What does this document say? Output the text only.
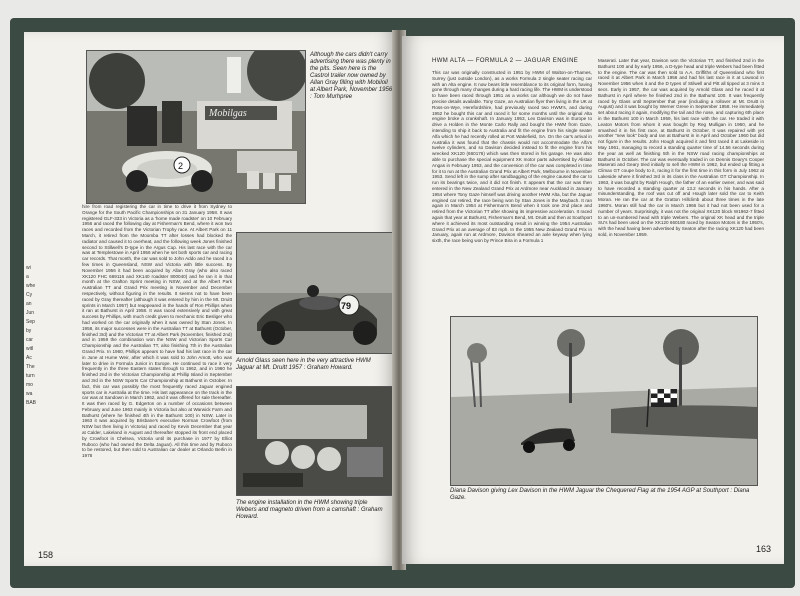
wi
a
whe
Cy
an
Jun
Sep
by
car
witl
Ac
The
turn
mo
wa
BAB
Mobilgas
2
Although the cars didn't carry advertising there was plenty in the pits. Seen here is the Castrol trailer now owned by Allan Gray filling with Mobiloil at Albert Park, November 1956 : Tom Murhpree
hire from road registering the car in time to drive it from Sydney to Orange for the South Pacific Championships on 31 January 1958. It was registered GLF-333 in Victoria as a 'home made roadster' on 10 February 1956 and raced the following day at Fisherman's Bend, where it won two races and recorded from the Victorian Trophy race. At Albert Park on 11 March, it retired from the Moomba TT after losses had blocked the radiator and caused it to overheat, and the following week Jones finished second to Stillwell's D-type in the Argus Cup. His last race with the car was at Templestowe in April 1956 when he set both sports car and racing car records. That month, the car was sold to John Addo and he raced it a few times in Queensland, NSW and Victoria with little success. By November 1956 it had been acquired by Allan Gray (who also raced XK120 FHC 669116 and XK140 roadster 800040) and he ran it in that month at the Grafton Sprint meeting in NSW, and at the Albert Park Australian TT and Grand Prix meeting in November and December respectively, without figuring in the results. It seems not to have been raced by Gray thereafter (although it was entered by him in the Mt. Druitt sprints in March 1957) but reappeared in the hands of Ron Phillips when it ran at Bathurst in April 1958. It was raced extensively and with great success by Phillips, with much credit given to mechanic Eric Besliger who had worked on the car originally when it was owned by Stan Jones. In 1958, its major successes were in the Australian TT at Bathurst (October, finished 3rd) and the Victorian TT at Albert Park (November, finished 2nd) and in 1959 the combination won the NSW and Victorian Sports Car Championship and the Australian TT, also finishing 7th in the Australian Grand Prix. In 1960, Phillips appears to have had his last race in the car in June at Hume Weir, after which it was sold to John Amott, who was later to drive in Formula Junior in Europe. He continued to race it very frequently in the three Eastern states through to 1962, and in 1960 he finished 2nd in the Victorian Championship at Phillip Island in September and 3rd in the NSW Sports Car Championship at Bathurst in October. In fact, this car was possibly the most frequently raced Jaguar engined sports car in Australia at the time. His last appearance on the track in the car was at Sandown in March 1962, and it was offered for sale thereafter. It was then raced by G. Edgerton on a number of occasions between February and June 1963 mainly in Victoria but also at Warwick Farm and Bathurst (where he finished 4th in the Bathurst 100) in NSW. Later in 1963 it was acquired by Brisbane's executive Norman Crowfoot (from NSW but then living in Victoria) and raced by Kevin December that year at Calder, Lakeland in August and thereafter stopped its front end placed by Crowfoot in Chelsea, Victoria until its purchase in 1977 by Elliot Ruboco (who had owned the Delta Jaguar). All this time and by Ruboco to be restored, but then sold to Australian car dealer at Orlando Berlin in 1978
79
Arnold Glass seen here in the very attractive HWM Jaguar at Mt. Druitt 1957 : Graham Howard.
The engine installation in the HWM showing triple Webers and magneto driven from a camshaft : Graham Howard.
158
HWM ALTA — FORMULA 2 — JAGUAR ENGINE
This car was originally constructed in 1951 by HWM of Walton-on-Thames, Surrey (just outside London), as a works Formula 2 single seater racing car with an Alta engine. It now bears little resemblance to its original form, having gone through many changes during a hard racing life. The HWM is understood to have been raced through 1951 as a works car although we do not have precise details available. Tony Gaze, an Australian flyer then living in the UK at Ross-on-Wye, Herefordshire, had previously raced two HWM's, and during 1952 he bought this car and raced it for some months until the original Alta engine broke a crankshaft. In January 1953, Lex Davison was in Europe to drive a Holden in the Monte Carlo Rally and bought the HWM from Gaze, intending to ship it back to Australia and fit the engine from his single seater Alfa which he had recently rolled at Port Wakefield, SA. On the car's arrival in Australia it was found that the chassis would not accommodate the Alfa's twelve cylinders, and so Davison decided instead to fit the engine from his wrecked XK120 (660176) which was then stored in his garage. He was also able to purchase the special equipment XK motor parts advertised by Alistair Angas in February 1953, and the conversion of the car was completed in time for it to run at the Australian Grand Prix at Albert Park, Melbourne in November 1953. Send left in the sump after sandbagging of the engine caused the car to run its bearings twice, and it did not finish. It appears that the car was then entered in the New Zealand Grand Prix at Ardmore near Auckland in January 1954 where Tony Gaze himself was driving another HWM Alta, but the Jaguar engined car retired, the race being won by Stan Jones in the Maybach. It ran again in March 1954 at Fisherman's Bend when it took one 2nd place and retired from the Victorian TT after showing its impressive acceleration. It raced again that year at Bathurst, Fisherman's Bend, Mt. Druitt and then at Southport where it achieved its most outstanding result in winning the 1954 Australian Grand Prix at an average of 83 mph. In the 1955 New Zealand Grand Prix in January, again run at Ardmore, Davison sheared an axle keyway when lying sixth, the race being won by Prince Bira in a Formula 1
Maserati. Later that year, Davison won the Victorian TT, and finished 2nd in the Bathurst 100 and by early 1956, a D-type head and triple Webers had been fitted to the engine. The car was then sold to A.A. Griffiths of Queensland who first raced it at Albert Park in March 1956 and had his last race in it at Lowood in November 1956 when it and the D types of Stilwell and Pitt all tipped at 3 mins 3 secs. Early in 1957, the car was acquired by Arnold Glass and he raced it at Bathurst in April where he finished 2nd in the Bathurst 100. It was frequently raced by Glass until September that year (including a rollover at Mt. Druitt in August) and it was bought by Werner Greve in September 1958. He immediately set about racing it again, modifying the tail and the nose, and capturing 6th place in the Bathurst 100 in March 1959, his last race with the car. He traded it with Leaton Motors from whom it was bought by Reg Mulligan in 1960, and he smashed it in his first race, at Bathurst in October. It was repaired with yet another "new look" body and ran at Bathurst in in April and October 1960 but did not figure in the results. John Hough acquired it and first raced it at Lakeside in May 1961, managing to record a standing quarter time of 14.56 seconds during the year as well as finishing 5th in the NSW road racing championships at Bathurst in October. The car was eventually traded in on Dennis Geary's Cooper Maserati and Geary tried initially to sell the HWM in 1962, but ended up fitting a Climax GT coupe body to it, racing it for the first time in this form in July 1962 at Lakeside where it finished 3rd in its class in the Australian GT Championship. In 1963, it was bought by Ralph Hough, the father of an earlier owner, and was said to have recorded a standing quarter at 13.2 seconds in his hands. After a misunderstanding, the roof was cut off and Hough later sold the car to Keith Moran. He ran the car at the Gratton Hillclimb about three times in the late 1960's. Moran still had the car in March 1966 but it had not been used for a number of years. Surprisingly, it was not the original XK120 block W1962-7 fitted to an un-numbered head with triple Webers. The original XK head and the triple SU's had been used on the XK120 660180 raced by Seaton Motors in the 1950's, with the head having been advertised by Seaton after the racing XK120 had been sold, in November 1959.
Diana Davison giving Lex Davison in the HWM Jaguar the Chequered Flag at the 1954 AGP at Southport : Diana Gaze.
163
